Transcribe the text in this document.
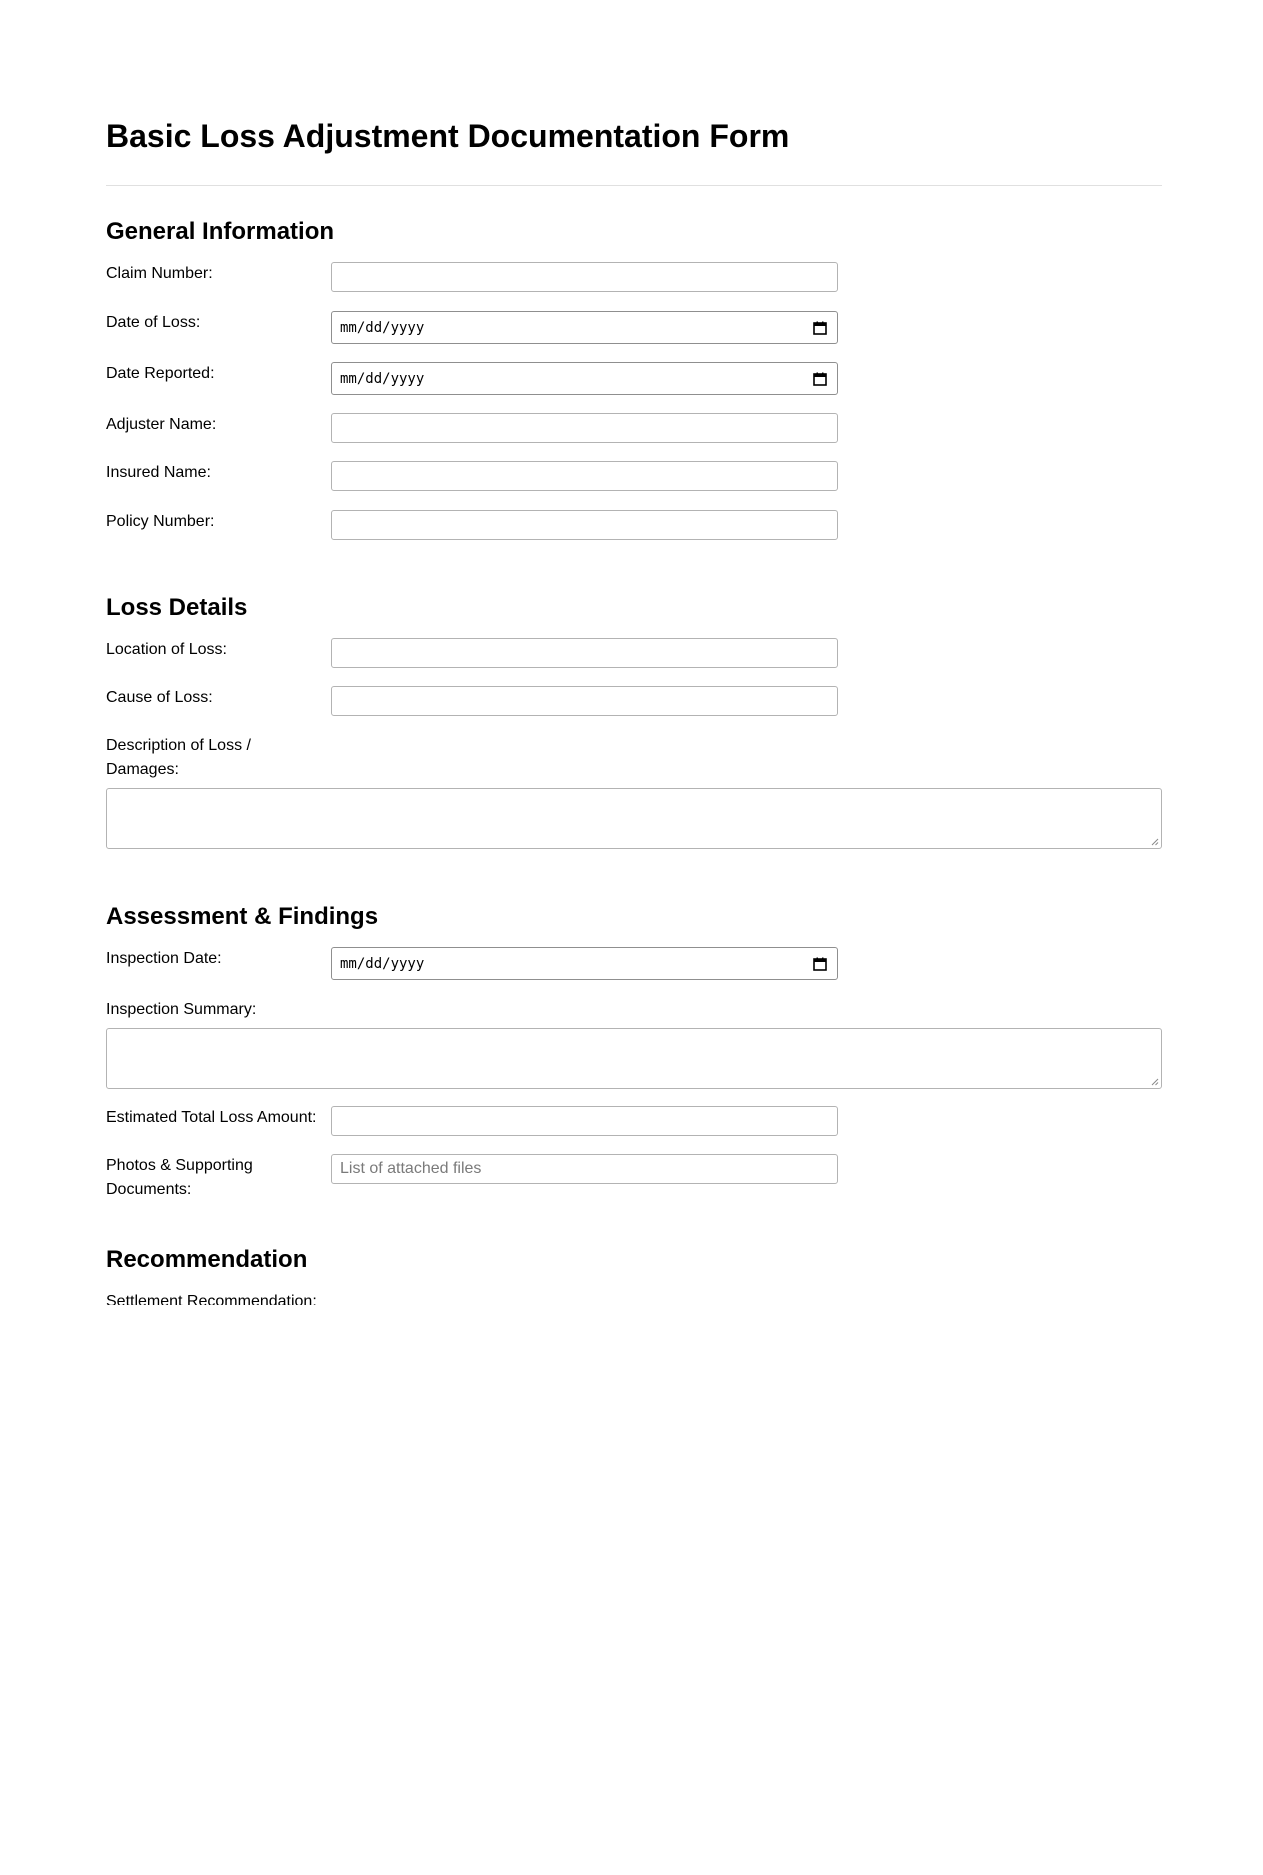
Basic Loss Adjustment Documentation Form
General Information
Claim Number:
Date of Loss:	mm/dd/yyyy
Date Reported:	mm/dd/yyyy
Adjuster Name:
Insured Name:
Policy Number:
Loss Details
Location of Loss:
Cause of Loss:
Description of Loss / Damages:
Assessment & Findings
Inspection Date:	mm/dd/yyyy
Inspection Summary:
Estimated Total Loss Amount:
Photos & Supporting Documents:
List of attached files
Recommendation
Settlement Recommendation:
